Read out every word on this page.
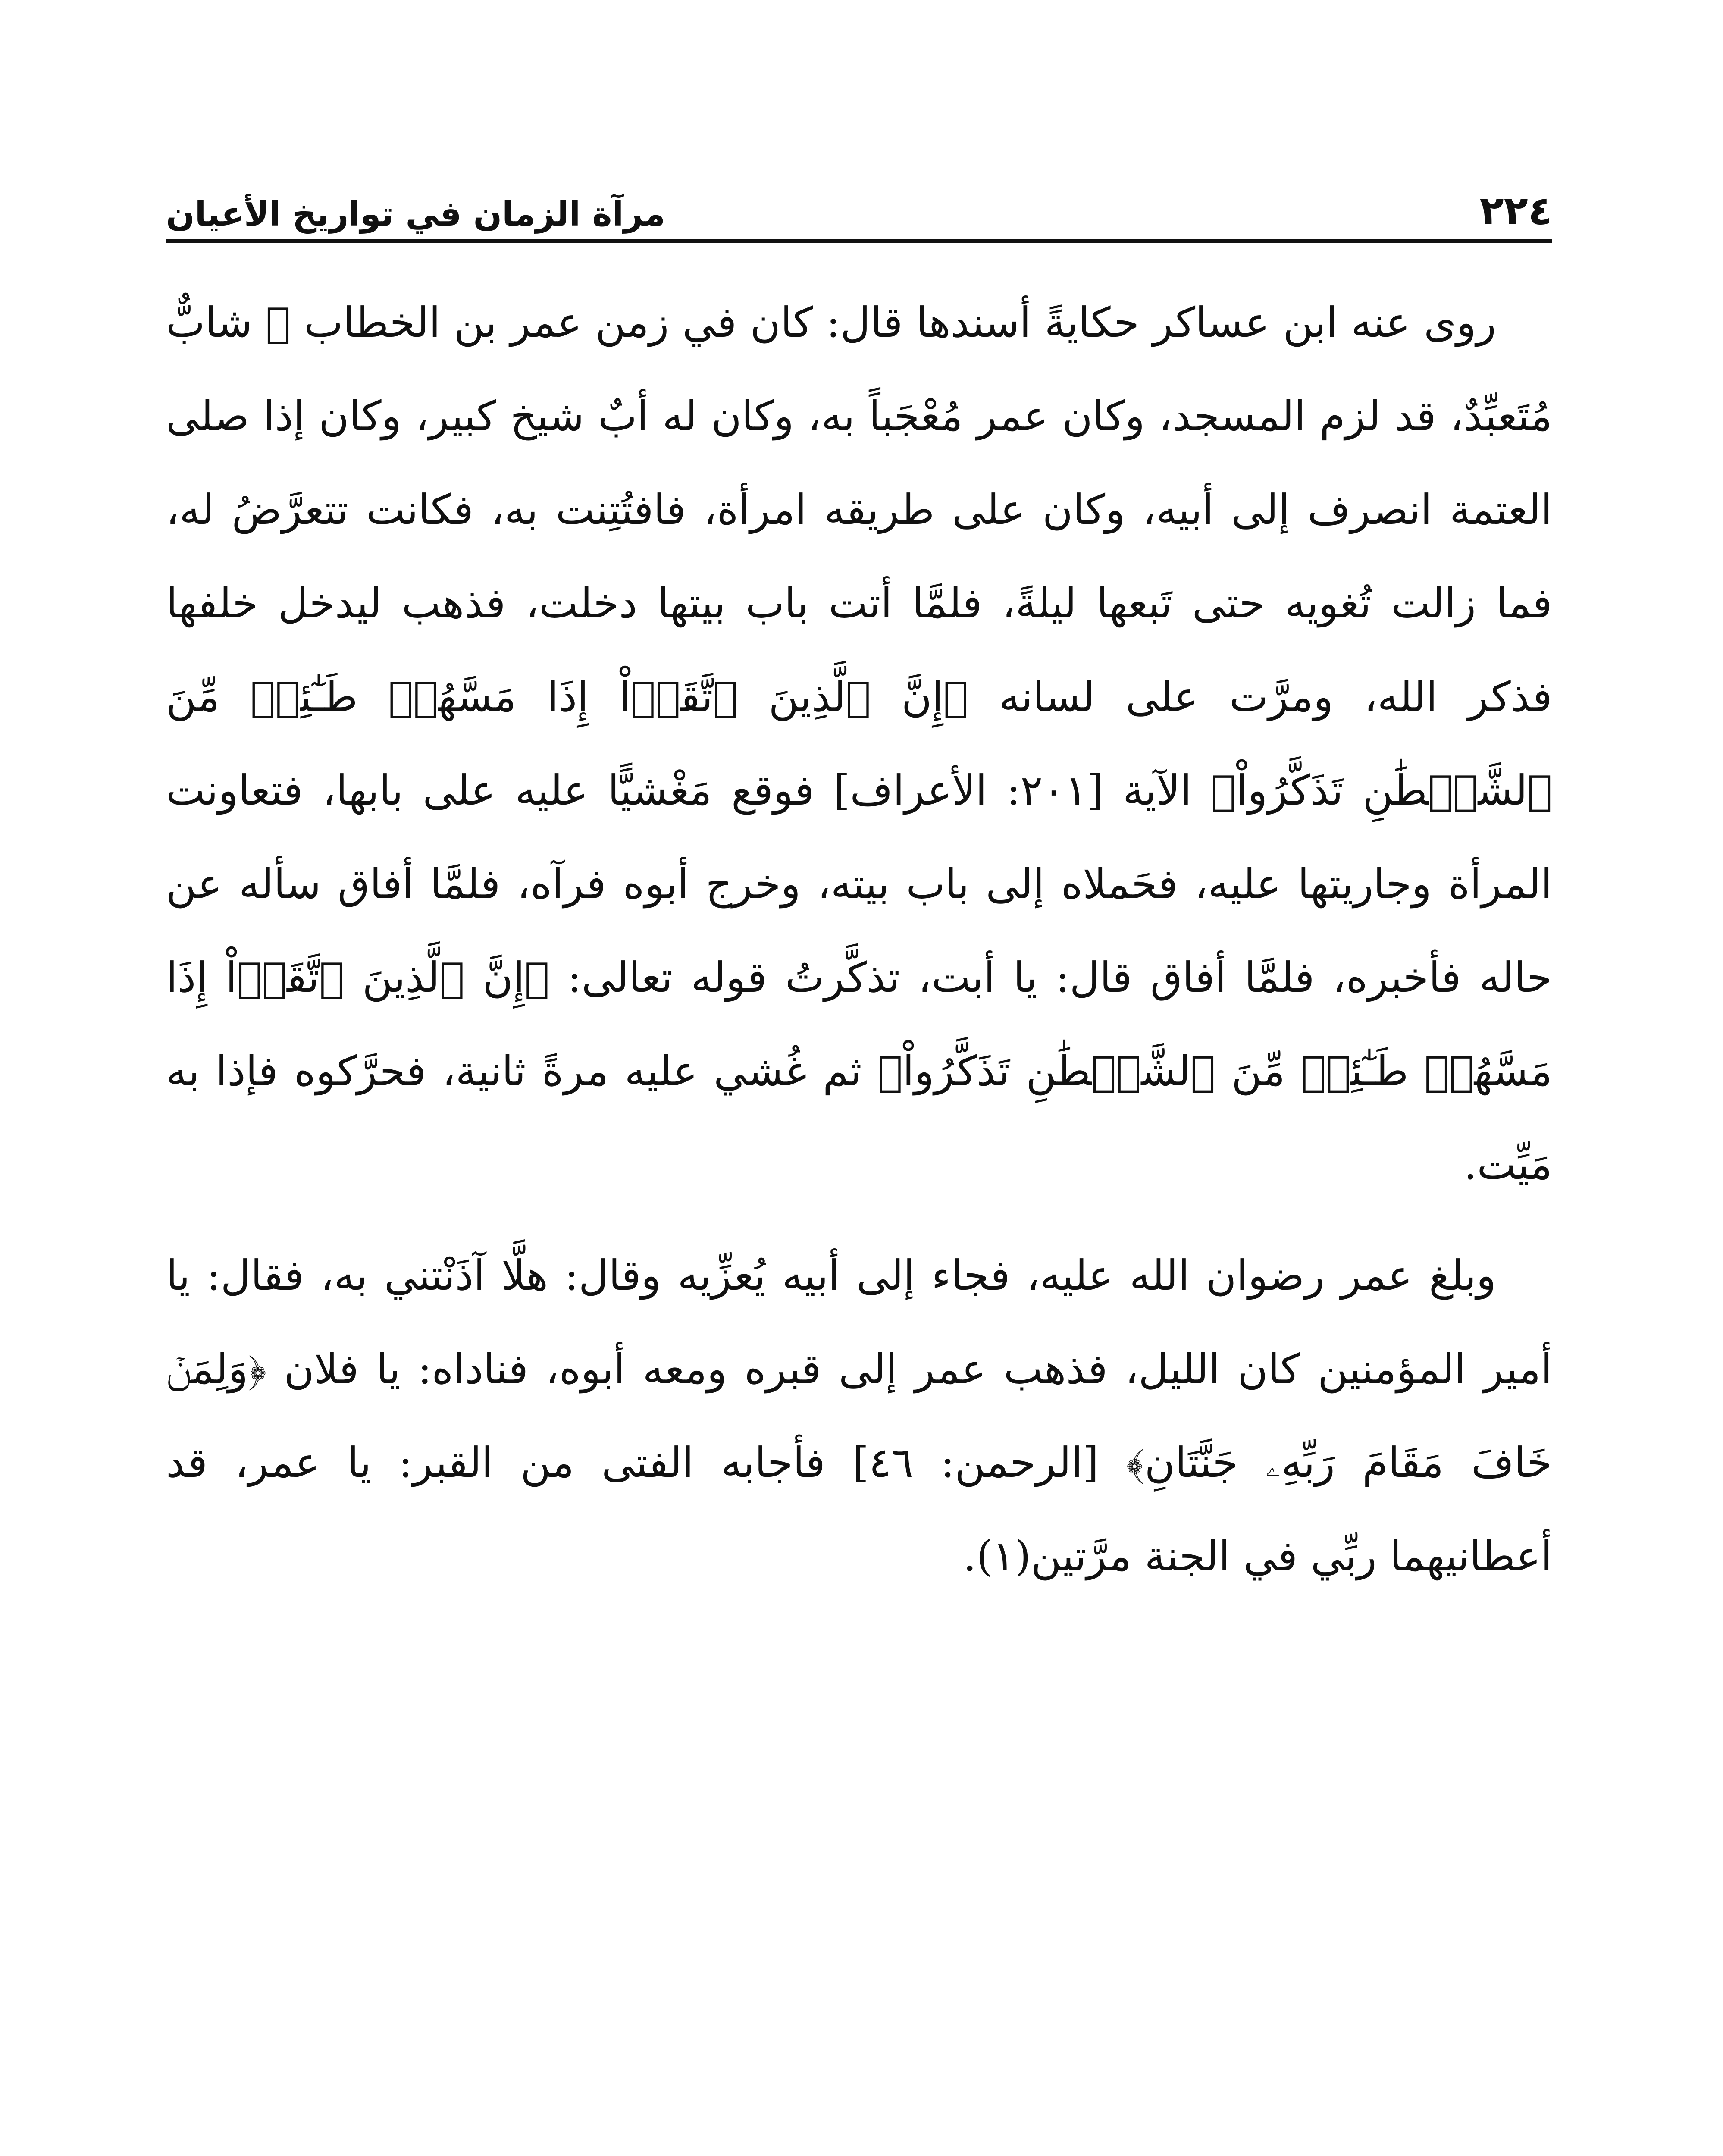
٢٢٤
مرآة الزمان في تواريخ الأعيان

روى عنه ابن عساكر حكايةً أسندها قال: كان في زمن عمر بن الخطاب ﷺ شابٌّ مُتَعبِّدٌ، قد لزم المسجد، وكان عمر مُعْجَباً به، وكان له أبٌ شيخ كبير، وكان إذا صلى العتمة انصرف إلى أبيه، وكان على طريقه امرأة، فافتُتِنت به، فكانت تتعرَّضُ له، فما زالت تُغويه حتى تَبعها ليلةً، فلمَّا أتت باب بيتها دخلت، فذهب ليدخل خلفها فذكر الله، ومرَّت على لسانه ﴿إِنَّ ٱلَّذِينَ ٱتَّقَوۡاْ إِذَا مَسَّهُمۡ طَـٰٓئِفٞ مِّنَ ٱلشَّيۡطَٰنِ تَذَكَّرُواْ﴾ الآية [٢٠١: الأعراف] فوقع مَغْشيًّا عليه على بابها، فتعاونت المرأة وجاريتها عليه، فحَملاه إلى باب بيته، وخرج أبوه فرآه، فلمَّا أفاق سأله عن حاله فأخبره، فلمَّا أفاق قال: يا أبت، تذكَّرتُ قوله تعالى: ﴿إِنَّ ٱلَّذِينَ ٱتَّقَوۡاْ إِذَا مَسَّهُمۡ طَـٰٓئِفٞ مِّنَ ٱلشَّيۡطَٰنِ تَذَكَّرُواْ﴾ ثم غُشي عليه مرةً ثانية، فحرَّكوه فإذا به مَيِّت.

وبلغ عمر رضوان الله عليه، فجاء إلى أبيه يُعزِّيه وقال: هلَّا آذَنْتني به، فقال: يا أمير المؤمنين كان الليل، فذهب عمر إلى قبره ومعه أبوه، فناداه: يا فلان ﴿وَلِمَنۡ خَافَ مَقَامَ رَبِّهِۦ جَنَّتَانِ﴾ [الرحمن: ٤٦] فأجابه الفتى من القبر: يا عمر، قد أعطانيهما ربِّي في الجنة مرَّتين(١).
